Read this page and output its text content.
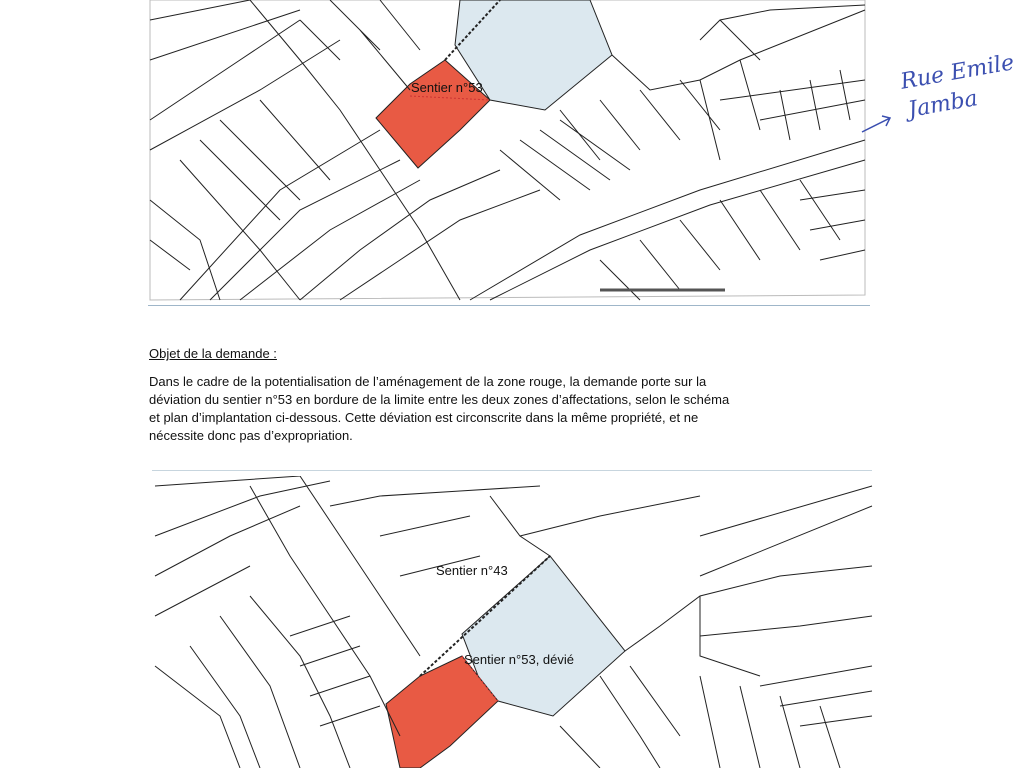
Sentier n°53	Rue Emile
Jamba
Objet de la demande :
Dans le cadre de la potentialisation de l’aménagement de la zone rouge, la demande porte sur la
déviation du sentier n°53 en bordure de la limite entre les deux zones d’affectations, selon le schéma
et plan d’implantation ci-dessous. Cette déviation est circonscrite dans la même propriété, et ne
nécessite donc pas d’expropriation.
Sentier n°43
Sentier n°53, dévié
